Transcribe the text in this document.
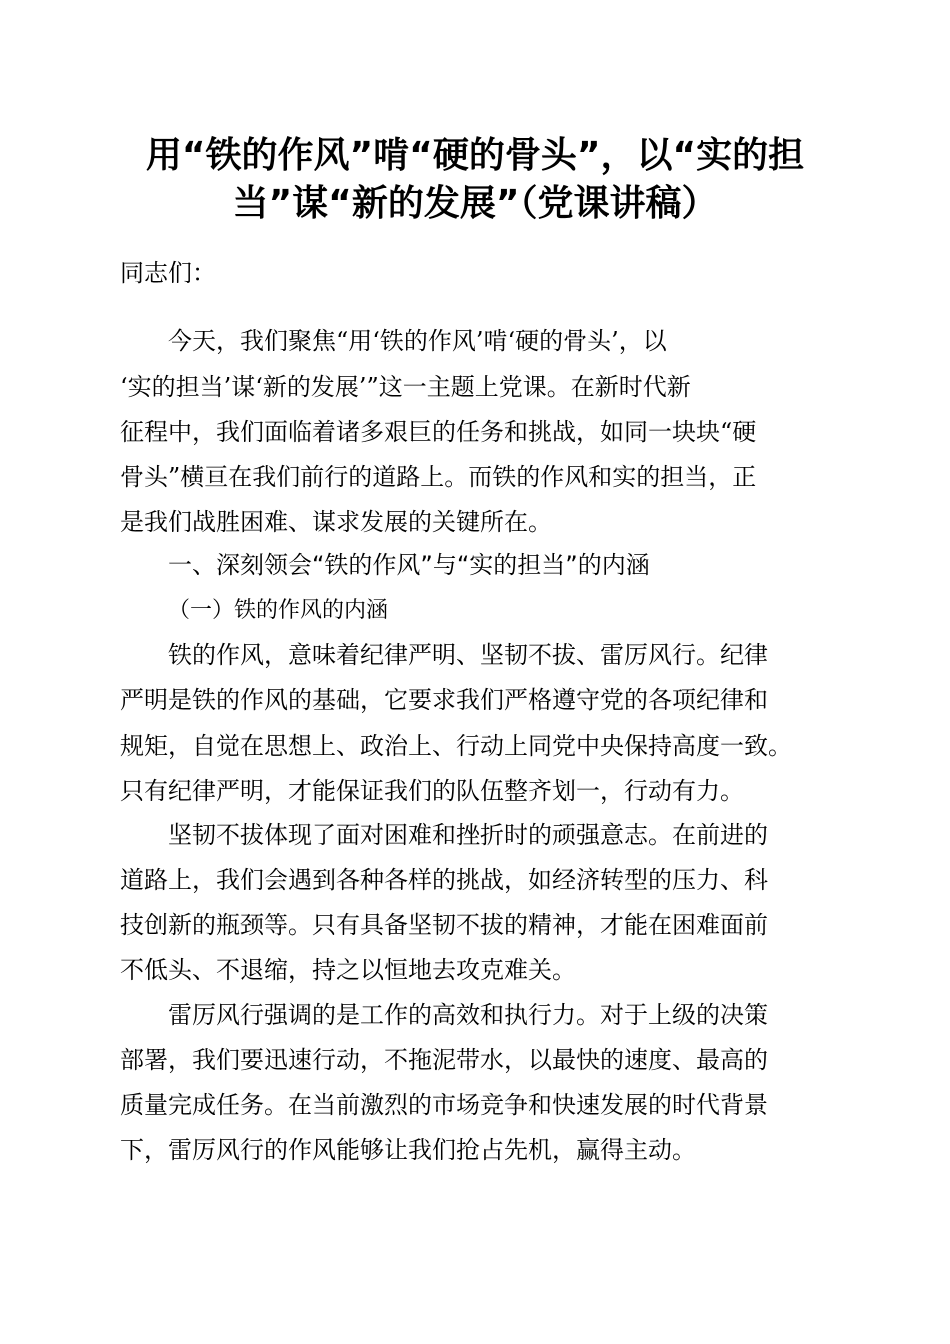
用“铁的作风”啃“硬的骨头”，以“实的担
当”谋“新的发展”（党课讲稿）
同志们：
今天，我们聚焦“用‘铁的作风’啃‘硬的骨头’，以
‘实的担当’谋‘新的发展’”这一主题上党课。在新时代新
征程中，我们面临着诸多艰巨的任务和挑战，如同一块块“硬
骨头”横亘在我们前行的道路上。而铁的作风和实的担当，正
是我们战胜困难、谋求发展的关键所在。
一、深刻领会“铁的作风”与“实的担当”的内涵
（一）铁的作风的内涵
铁的作风，意味着纪律严明、坚韧不拔、雷厉风行。纪律
严明是铁的作风的基础，它要求我们严格遵守党的各项纪律和
规矩，自觉在思想上、政治上、行动上同党中央保持高度一致。
只有纪律严明，才能保证我们的队伍整齐划一，行动有力。
坚韧不拔体现了面对困难和挫折时的顽强意志。在前进的
道路上，我们会遇到各种各样的挑战，如经济转型的压力、科
技创新的瓶颈等。只有具备坚韧不拔的精神，才能在困难面前
不低头、不退缩，持之以恒地去攻克难关。
雷厉风行强调的是工作的高效和执行力。对于上级的决策
部署，我们要迅速行动，不拖泥带水，以最快的速度、最高的
质量完成任务。在当前激烈的市场竞争和快速发展的时代背景
下，雷厉风行的作风能够让我们抢占先机，赢得主动。
